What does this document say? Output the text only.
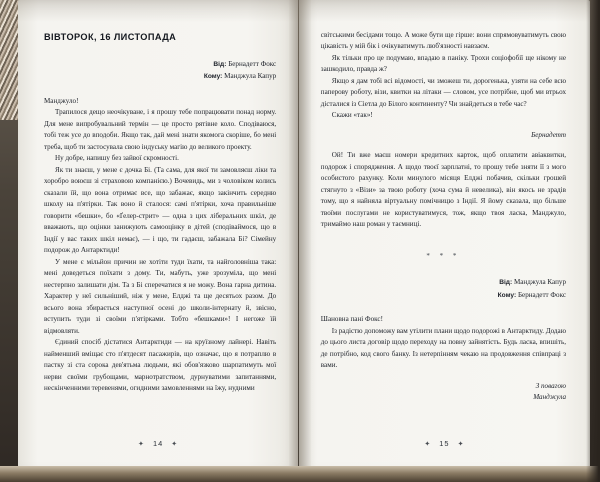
ВІВТОРОК, 16 ЛИСТОПАДА
Від: Бернадетт Фокс
Кому: Манджула Капур

Манджуло!

Трапилося дещо неочікуване, і я прошу тебе попрацювати понад норму. Для мене випробувальний термін — це просто рятівне коло. Сподіваюся, тобі теж усе до вподоби. Якщо так, дай мені знати якомога скоріше, бо мені треба, щоб ти застосувала свою індуську магію до великого проекту.

Ну добре, напишу без зайвої скромності.

Як ти знаєш, у мене є дочка Бі. (Та сама, для якої ти замовляєш ліки та хоробро воюєш зі страховою компанією.) Вочевидь, ми з чоловіком колись сказали їй, що вона отримає все, що забажає, якщо закінчить середню школу на п'ятірки. Так воно й сталося: самі п'ятірки, хоча правильніше говорити «бешки», бо «Ґелер-стрит» — одна з цих ліберальних шкіл, де вважають, що оцінки занижують самооцінку в дітей (сподіваймося, що в Індії у вас таких шкіл немає), — і що, ти гадаєш, забажала Бі? Сімейну подорож до Антарктиди!

У мене є мільйон причин не хотіти туди їхати, та найголовніша така: мені доведеться поїхати з дому. Ти, мабуть, уже зрозуміла, що мені нестерпно залишати дім. Та з Бі сперечатися я не можу. Вона гарна дитина. Характер у неї сильніший, ніж у мене, Елджі та ще десятьох разом. До всього вона збирається наступної осені до школи-інтернату й, звісно, вступить туди зі своїми п'ятірками. Тобто «бешками»! І негоже їй відмовляти.

Єдиний спосіб дістатися Антарктиди — на круїзному лайнері. Навіть найменший вміщає сто п'ятдесят пасажирів, що означає, що я потраплю в пастку зі ста сорока дев'ятьма людьми, які обов'язково шарпатимуть мої нерви своїми грубощами, марнотратством, дурнуватими запитаннями, нескінченними теревенями, огидними замовленнями на їжу, нудними

✦ 14 ✦

світськими бесідами тощо. А може бути ще гірше: вони спрямовуватимуть свою цікавість у мій бік і очікуватимуть люб'язності навзаєм.

Як тільки про це подумаю, впадаю в паніку. Трохи соціофобії ще нікому не зашкодило, правда ж?

Якщо я дам тобі всі відомості, чи зможеш ти, дорогенька, узяти на себе всю паперову роботу, візи, квитки на літаки — словом, усе потрібне, щоб ми втрьох дісталися із Сіетла до Білого континенту? Чи знайдеться в тебе час?

Скажи «так»!

Бернадетт

Ой! Ти вже маєш номери кредитних карток, щоб оплатити авіаквитки, подорож і спорядження. А щодо твоєї зарплатні, то прошу тебе зняти її з мого особистого рахунку. Коли минулого місяця Елджі побачив, скільки грошей стягнуто з «Візи» за твою роботу (хоча сума й невелика), він якось не зрадів тому, що я найняла віртуальну помічницю з Індії. Я йому сказала, що більше твоїми послугами не користуватимуся, тож, якщо твоя ласка, Манджуло, тримаймо наш роман у таємниці.

* * *
Від: Манджула Капур
Кому: Бернадетт Фокс

Шановна пані Фокс!

Із радістю допоможу вам утілити плани щодо подорожі в Антарктиду. Додаю до цього листа договір щодо переходу на повну зайнятість. Будь ласка, впишіть, де потрібно, код свого банку. Із нетерпінням чекаю на продовження співпраці з вами.

З повагою
Манджула
✦ 15 ✦
